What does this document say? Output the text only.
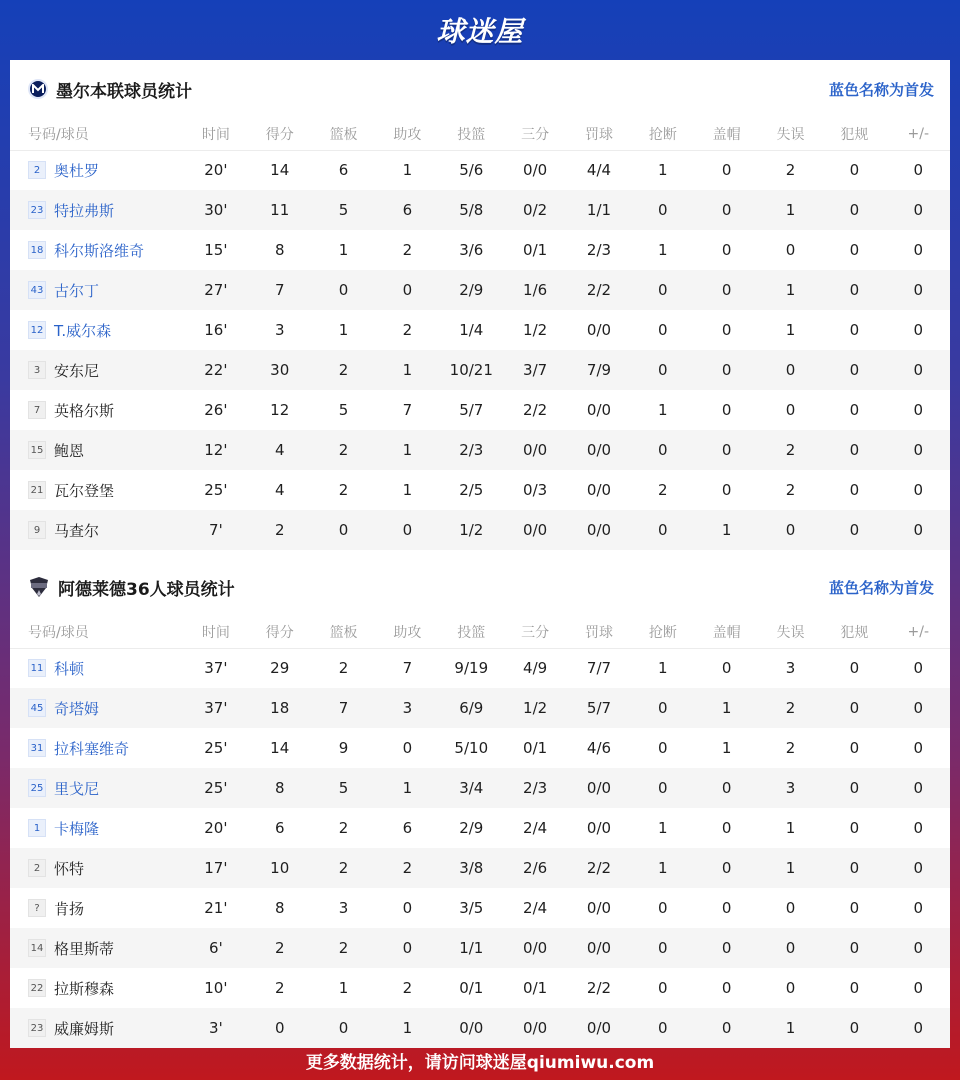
球迷屋
墨尔本联球员统计	蓝色名称为首发
号码/球员	时间	得分	篮板	助攻	投篮	三分	罚球	抢断	盖帽	失误	犯规	+/-
2 奥杜罗	20'	14	6	1	5/6	0/0	4/4	1	0	2	0	0
23 特拉弗斯	30'	11	5	6	5/8	0/2	1/1	0	0	1	0	0
18 科尔斯洛维奇	15'	8	1	2	3/6	0/1	2/3	1	0	0	0	0
43 古尔丁	27'	7	0	0	2/9	1/6	2/2	0	0	1	0	0
12 T.威尔森	16'	3	1	2	1/4	1/2	0/0	0	0	1	0	0
3 安东尼	22'	30	2	1	10/21	3/7	7/9	0	0	0	0	0
7 英格尔斯	26'	12	5	7	5/7	2/2	0/0	1	0	0	0	0
15 鲍恩	12'	4	2	1	2/3	0/0	0/0	0	0	2	0	0
21 瓦尔登堡	25'	4	2	1	2/5	0/3	0/0	2	0	2	0	0
9 马查尔	7'	2	0	0	1/2	0/0	0/0	0	1	0	0	0
阿德莱德36人球员统计	蓝色名称为首发
号码/球员	时间	得分	篮板	助攻	投篮	三分	罚球	抢断	盖帽	失误	犯规	+/-
11 科顿	37'	29	2	7	9/19	4/9	7/7	1	0	3	0	0
45 奇塔姆	37'	18	7	3	6/9	1/2	5/7	0	1	2	0	0
31 拉科塞维奇	25'	14	9	0	5/10	0/1	4/6	0	1	2	0	0
25 里戈尼	25'	8	5	1	3/4	2/3	0/0	0	0	3	0	0
1 卡梅隆	20'	6	2	6	2/9	2/4	0/0	1	0	1	0	0
2 怀特	17'	10	2	2	3/8	2/6	2/2	1	0	1	0	0
? 肯扬	21'	8	3	0	3/5	2/4	0/0	0	0	0	0	0
14 格里斯蒂	6'	2	2	0	1/1	0/0	0/0	0	0	0	0	0
22 拉斯穆森	10'	2	1	2	0/1	0/1	2/2	0	0	0	0	0
23 威廉姆斯	3'	0	0	1	0/0	0/0	0/0	0	0	1	0	0
更多数据统计，请访问球迷屋qiumiwu.com
